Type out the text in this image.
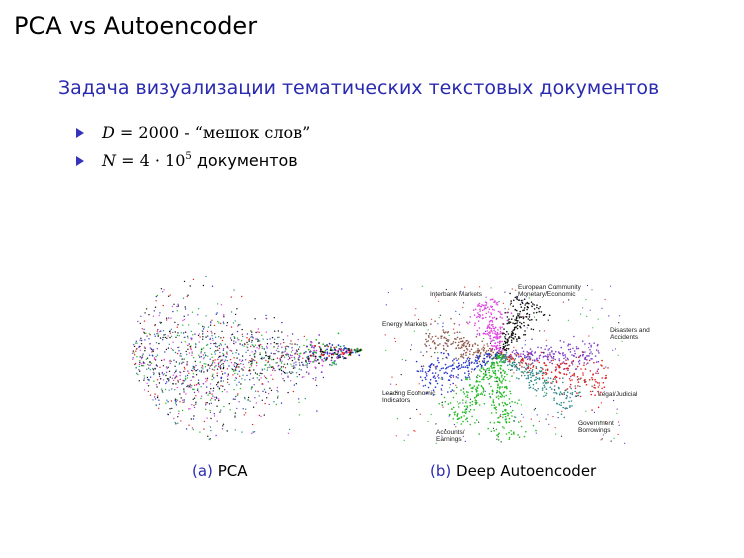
PCA vs Autoencoder
Задача визуализации тематических текстовых документов
D = 2000 - “мешок слов”
$N = 4 \cdot 10^5$ документов
Energy Markets
Interbank Markets
European Community
Monetary/Economic
Disasters and
Accidents
Leading Economic
Indicators
Legal/Judicial
Government
Borrowings
Accounts/
Earnings
(a) PCA	(b) Deep Autoencoder
